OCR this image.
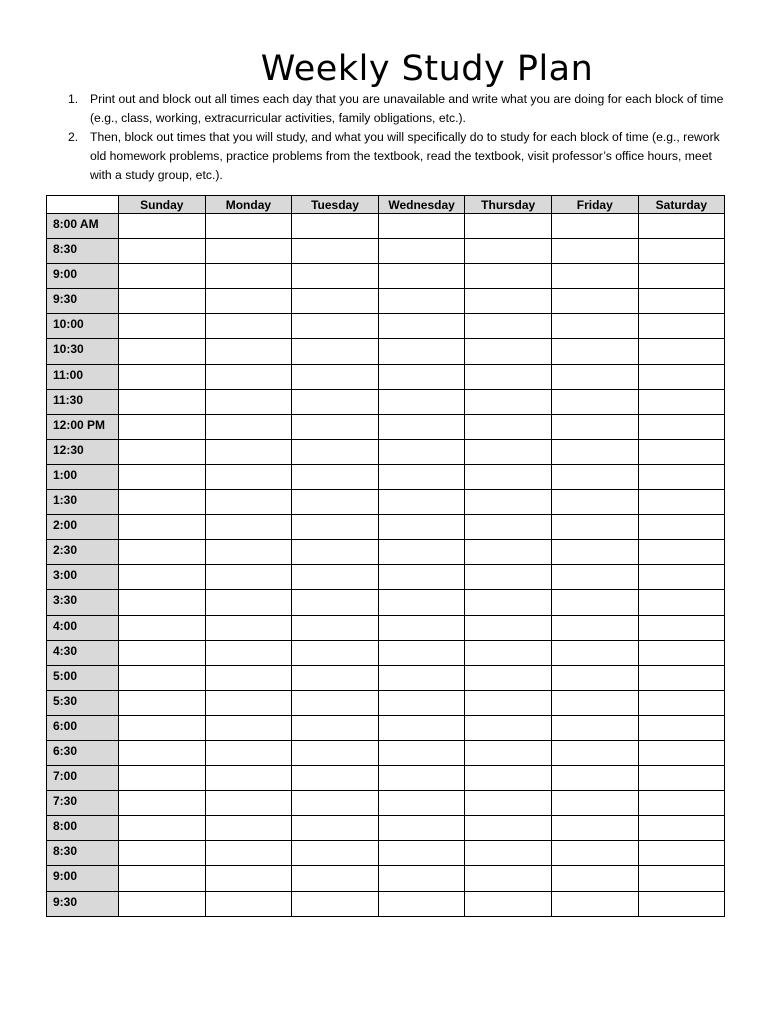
Weekly Study Plan
1. Print out and block out all times each day that you are unavailable and write what you are doing for each block of time (e.g., class, working, extracurricular activities, family obligations, etc.).
2. Then, block out times that you will study, and what you will specifically do to study for each block of time (e.g., rework old homework problems, practice problems from the textbook, read the textbook, visit professor’s office hours, meet with a study group, etc.).
	Sunday	Monday	Tuesday	Wednesday	Thursday	Friday	Saturday
8:00 AM							
8:30							
9:00							
9:30							
10:00							
10:30							
11:00							
11:30							
12:00 PM							
12:30							
1:00							
1:30							
2:00							
2:30							
3:00							
3:30							
4:00							
4:30							
5:00							
5:30							
6:00							
6:30							
7:00							
7:30							
8:00							
8:30							
9:00							
9:30							
